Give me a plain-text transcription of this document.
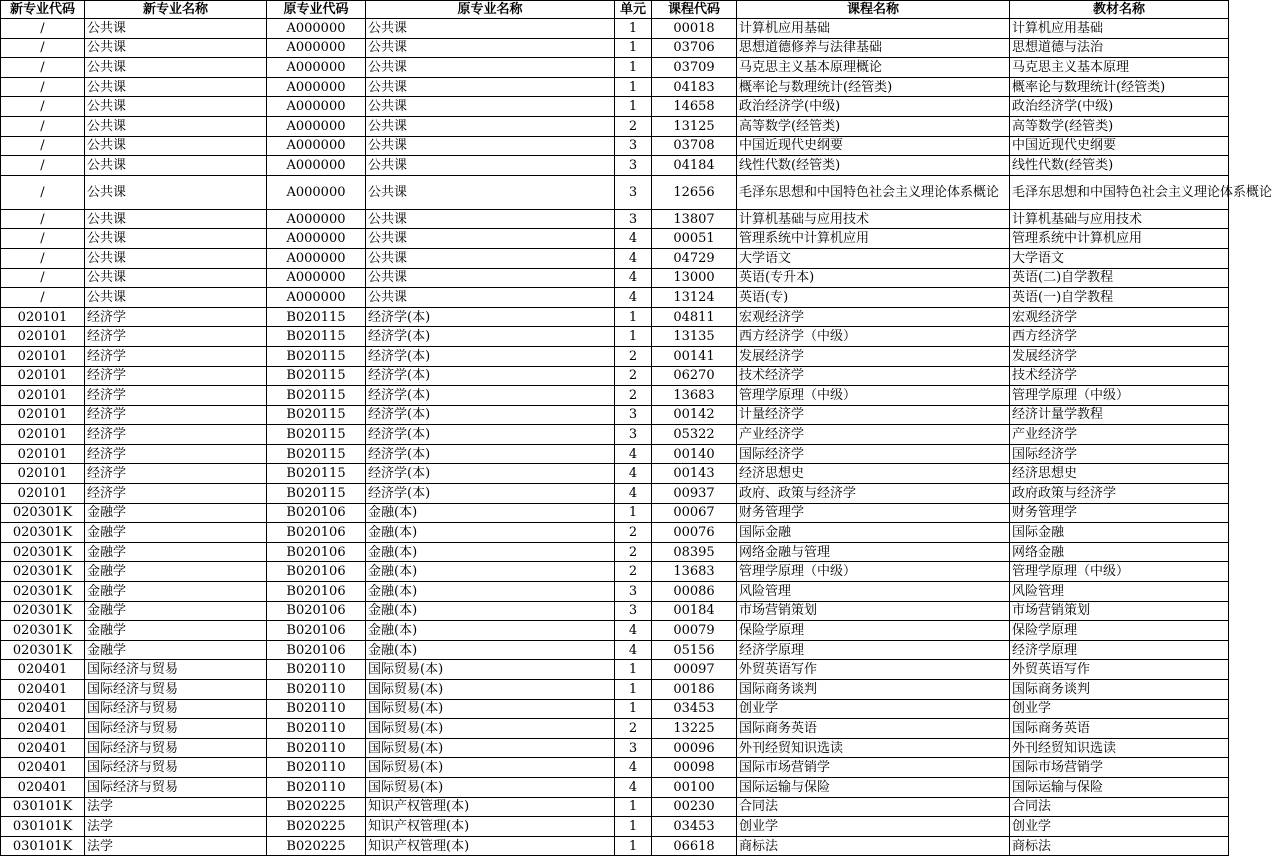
新专业代码	新专业名称	原专业代码	原专业名称	单元	课程代码	课程名称	教材名称
/	公共课	A000000	公共课	1	00018	计算机应用基础	计算机应用基础
/	公共课	A000000	公共课	1	03706	思想道德修养与法律基础	思想道德与法治
/	公共课	A000000	公共课	1	03709	马克思主义基本原理概论	马克思主义基本原理
/	公共课	A000000	公共课	1	04183	概率论与数理统计(经管类)	概率论与数理统计(经管类)
/	公共课	A000000	公共课	1	14658	政治经济学(中级)	政治经济学(中级)
/	公共课	A000000	公共课	2	13125	高等数学(经管类)	高等数学(经管类)
/	公共课	A000000	公共课	3	03708	中国近现代史纲要	中国近现代史纲要
/	公共课	A000000	公共课	3	04184	线性代数(经管类)	线性代数(经管类)
/	公共课	A000000	公共课	3	12656	毛泽东思想和中国特色社会主义理论体系概论	毛泽东思想和中国特色社会主义理论体系概论
/	公共课	A000000	公共课	3	13807	计算机基础与应用技术	计算机基础与应用技术
/	公共课	A000000	公共课	4	00051	管理系统中计算机应用	管理系统中计算机应用
/	公共课	A000000	公共课	4	04729	大学语文	大学语文
/	公共课	A000000	公共课	4	13000	英语(专升本)	英语(二)自学教程
/	公共课	A000000	公共课	4	13124	英语(专)	英语(一)自学教程
020101	经济学	B020115	经济学(本)	1	04811	宏观经济学	宏观经济学
020101	经济学	B020115	经济学(本)	1	13135	西方经济学（中级）	西方经济学
020101	经济学	B020115	经济学(本)	2	00141	发展经济学	发展经济学
020101	经济学	B020115	经济学(本)	2	06270	技术经济学	技术经济学
020101	经济学	B020115	经济学(本)	2	13683	管理学原理（中级）	管理学原理（中级）
020101	经济学	B020115	经济学(本)	3	00142	计量经济学	经济计量学教程
020101	经济学	B020115	经济学(本)	3	05322	产业经济学	产业经济学
020101	经济学	B020115	经济学(本)	4	00140	国际经济学	国际经济学
020101	经济学	B020115	经济学(本)	4	00143	经济思想史	经济思想史
020101	经济学	B020115	经济学(本)	4	00937	政府、政策与经济学	政府政策与经济学
020301K	金融学	B020106	金融(本)	1	00067	财务管理学	财务管理学
020301K	金融学	B020106	金融(本)	2	00076	国际金融	国际金融
020301K	金融学	B020106	金融(本)	2	08395	网络金融与管理	网络金融
020301K	金融学	B020106	金融(本)	2	13683	管理学原理（中级）	管理学原理（中级）
020301K	金融学	B020106	金融(本)	3	00086	风险管理	风险管理
020301K	金融学	B020106	金融(本)	3	00184	市场营销策划	市场营销策划
020301K	金融学	B020106	金融(本)	4	00079	保险学原理	保险学原理
020301K	金融学	B020106	金融(本)	4	05156	经济学原理	经济学原理
020401	国际经济与贸易	B020110	国际贸易(本)	1	00097	外贸英语写作	外贸英语写作
020401	国际经济与贸易	B020110	国际贸易(本)	1	00186	国际商务谈判	国际商务谈判
020401	国际经济与贸易	B020110	国际贸易(本)	1	03453	创业学	创业学
020401	国际经济与贸易	B020110	国际贸易(本)	2	13225	国际商务英语	国际商务英语
020401	国际经济与贸易	B020110	国际贸易(本)	3	00096	外刊经贸知识选读	外刊经贸知识选读
020401	国际经济与贸易	B020110	国际贸易(本)	4	00098	国际市场营销学	国际市场营销学
020401	国际经济与贸易	B020110	国际贸易(本)	4	00100	国际运输与保险	国际运输与保险
030101K	法学	B020225	知识产权管理(本)	1	00230	合同法	合同法
030101K	法学	B020225	知识产权管理(本)	1	03453	创业学	创业学
030101K	法学	B020225	知识产权管理(本)	1	06618	商标法	商标法
